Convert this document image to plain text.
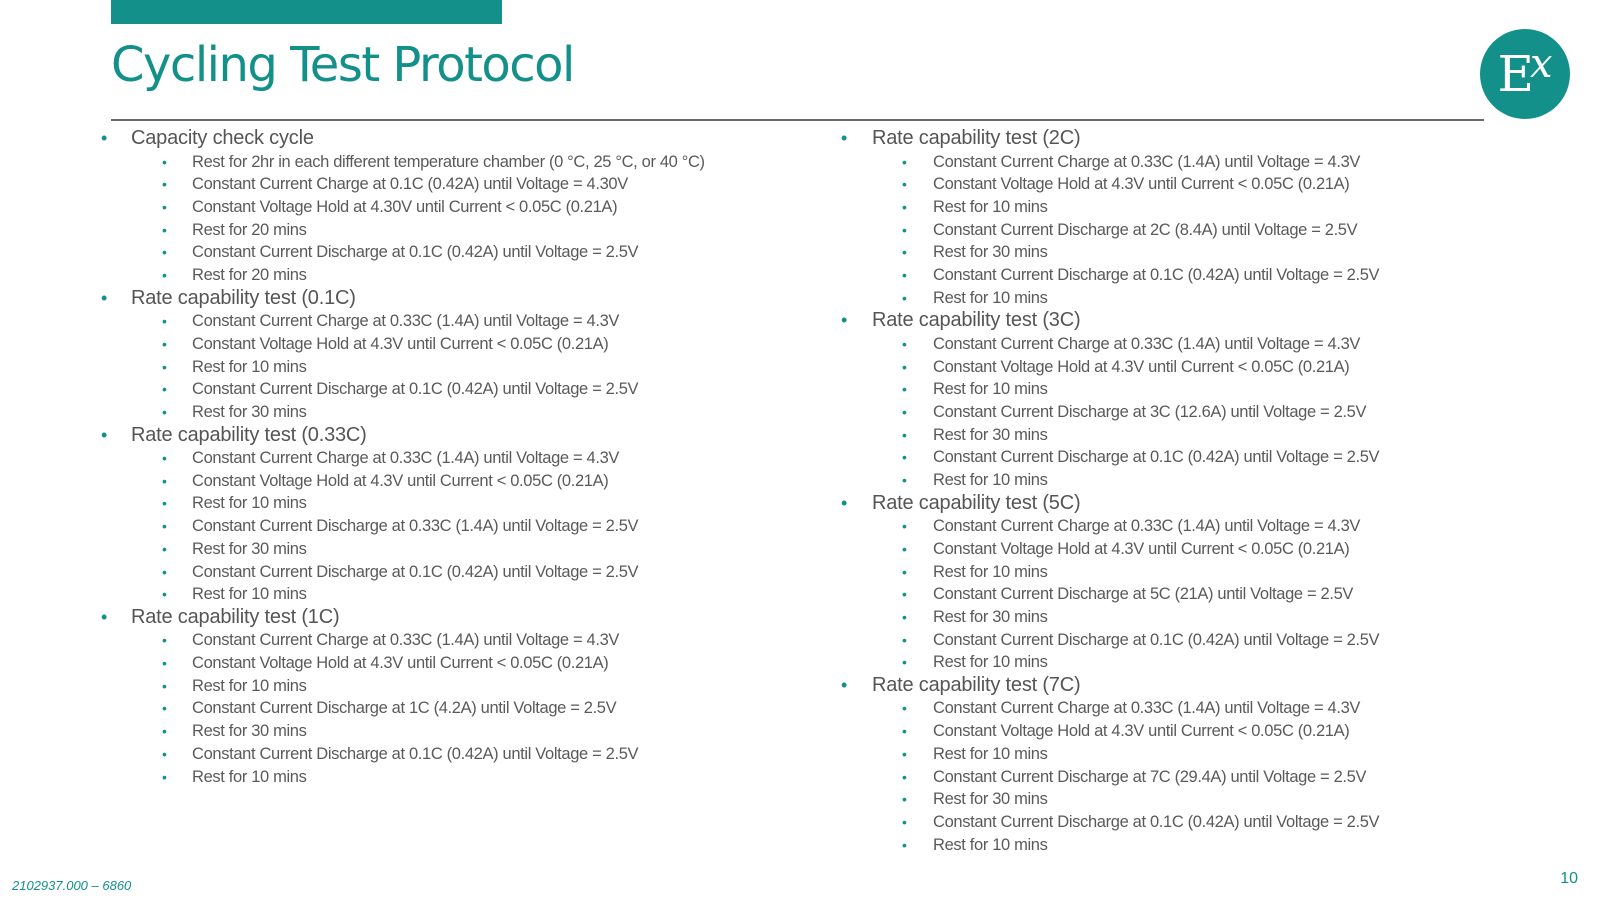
Cycling Test Protocol	E
x
• Capacity check cycle
• Rest for 2hr in each different temperature chamber (0 °C, 25 °C, or 40 °C)
• Constant Current Charge at 0.1C (0.42A) until Voltage = 4.30V
• Constant Voltage Hold at 4.30V until Current < 0.05C (0.21A)
• Rest for 20 mins
• Constant Current Discharge at 0.1C (0.42A) until Voltage = 2.5V
• Rest for 20 mins
• Rate capability test (0.1C)
• Constant Current Charge at 0.33C (1.4A) until Voltage = 4.3V
• Constant Voltage Hold at 4.3V until Current < 0.05C (0.21A)
• Rest for 10 mins
• Constant Current Discharge at 0.1C (0.42A) until Voltage = 2.5V
• Rest for 30 mins
• Rate capability test (0.33C)
• Constant Current Charge at 0.33C (1.4A) until Voltage = 4.3V
• Constant Voltage Hold at 4.3V until Current < 0.05C (0.21A)
• Rest for 10 mins
• Constant Current Discharge at 0.33C (1.4A) until Voltage = 2.5V
• Rest for 30 mins
• Constant Current Discharge at 0.1C (0.42A) until Voltage = 2.5V
• Rest for 10 mins
• Rate capability test (1C)
• Constant Current Charge at 0.33C (1.4A) until Voltage = 4.3V
• Constant Voltage Hold at 4.3V until Current < 0.05C (0.21A)
• Rest for 10 mins
• Constant Current Discharge at 1C (4.2A) until Voltage = 2.5V
• Rest for 30 mins
• Constant Current Discharge at 0.1C (0.42A) until Voltage = 2.5V
• Rest for 10 mins
• Rate capability test (2C)
• Constant Current Charge at 0.33C (1.4A) until Voltage = 4.3V
• Constant Voltage Hold at 4.3V until Current < 0.05C (0.21A)
• Rest for 10 mins
• Constant Current Discharge at 2C (8.4A) until Voltage = 2.5V
• Rest for 30 mins
• Constant Current Discharge at 0.1C (0.42A) until Voltage = 2.5V
• Rest for 10 mins
• Rate capability test (3C)
• Constant Current Charge at 0.33C (1.4A) until Voltage = 4.3V
• Constant Voltage Hold at 4.3V until Current < 0.05C (0.21A)
• Rest for 10 mins
• Constant Current Discharge at 3C (12.6A) until Voltage = 2.5V
• Rest for 30 mins
• Constant Current Discharge at 0.1C (0.42A) until Voltage = 2.5V
• Rest for 10 mins
• Rate capability test (5C)
• Constant Current Charge at 0.33C (1.4A) until Voltage = 4.3V
• Constant Voltage Hold at 4.3V until Current < 0.05C (0.21A)
• Rest for 10 mins
• Constant Current Discharge at 5C (21A) until Voltage = 2.5V
• Rest for 30 mins
• Constant Current Discharge at 0.1C (0.42A) until Voltage = 2.5V
• Rest for 10 mins
• Rate capability test (7C)
• Constant Current Charge at 0.33C (1.4A) until Voltage = 4.3V
• Constant Voltage Hold at 4.3V until Current < 0.05C (0.21A)
• Rest for 10 mins
• Constant Current Discharge at 7C (29.4A) until Voltage = 2.5V
• Rest for 30 mins
• Constant Current Discharge at 0.1C (0.42A) until Voltage = 2.5V
• Rest for 10 mins
2102937.000 – 6860	10
